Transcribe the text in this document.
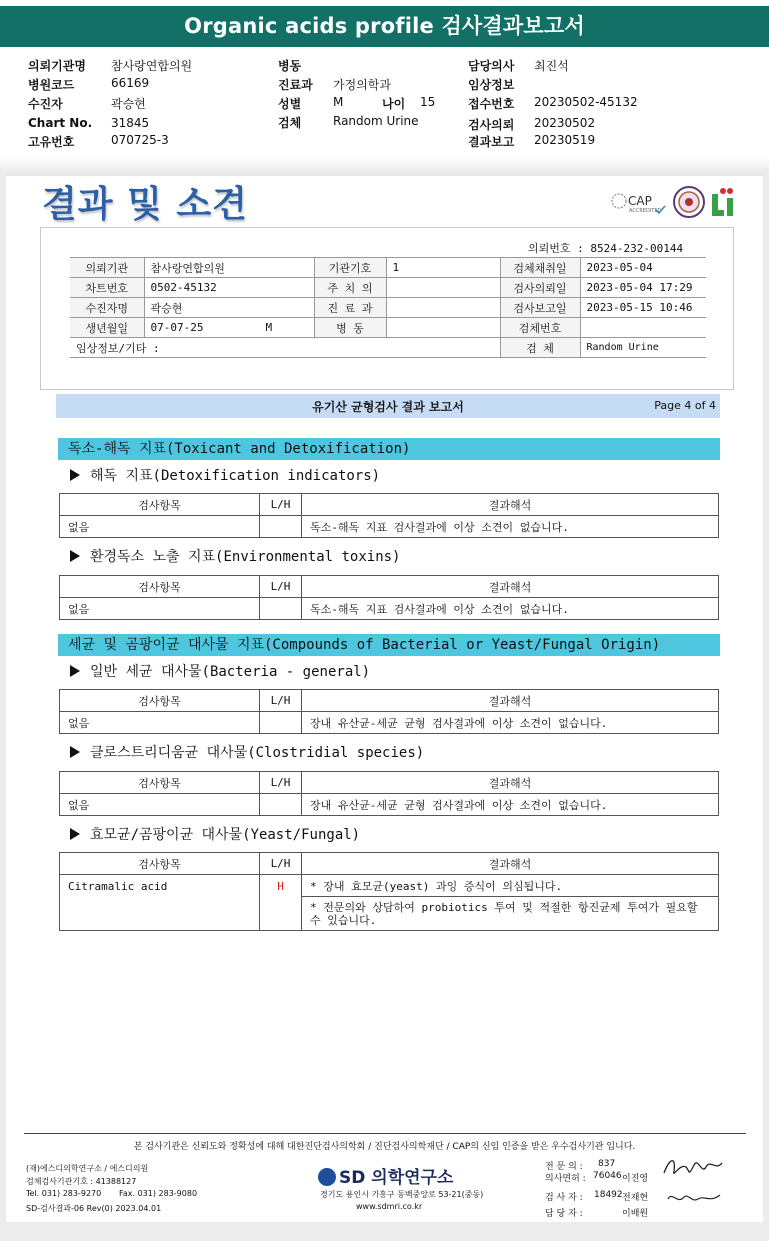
Organic acids profile 검사결과보고서
의뢰기관명 참사랑연합의원
병원코드	66169
수진자	곽승현
Chart No. 31845
고유번호	070725-3
병동
진료과 가정의학과
성별	M	나이 15
검체	Random Urine
담당의사 최진석
임상정보
접수번호 20230502-45132
검사의뢰 20230502
결과보고 20230519
결과 및 소견	CAP
ACCREDITED
의뢰번호 : 8524-232-00144
의뢰기관	참사랑연합의원	기관기호	1	검체채취일	2023-05-04
차트번호	0502-45132	주 치 의		검사의뢰일	2023-05-04 17:29
수진자명	곽승현	진 료 과		검사보고일	2023-05-15 10:46
생년월일	07-07-25 M	병 동		검체번호	
임상정보/기타 :				검 체	Random Urine
유기산 균형검사 결과 보고서	Page 4 of 4
독소-해독 지표(Toxicant and Detoxification)
해독 지표(Detoxification indicators)
검사항목	L/H	결과해석
없음		독소-해독 지표 검사결과에 이상 소견이 없습니다.
환경독소 노출 지표(Environmental toxins)
검사항목	L/H	결과해석
없음		독소-해독 지표 검사결과에 이상 소견이 없습니다.
세균 및 곰팡이균 대사물 지표(Compounds of Bacterial or Yeast/Fungal Origin)
일반 세균 대사물(Bacteria - general)
검사항목	L/H	결과해석
없음		장내 유산균-세균 균형 검사결과에 이상 소견이 없습니다.
클로스트리디움균 대사물(Clostridial species)
검사항목	L/H	결과해석
없음		장내 유산균-세균 균형 검사결과에 이상 소견이 없습니다.
효모균/곰팡이균 대사물(Yeast/Fungal)
검사항목	L/H	결과해석
Citramalic acid	H	* 장내 효모균(yeast) 과잉 증식이 의심됩니다.
		* 전문의와 상담하여 probiotics 투여 및 적절한 항진균제 투여가 필요할 수 있습니다.
본 검사기관은 신뢰도와 정확성에 대해 대한진단검사의학회 / 진단검사의학재단 / CAP의 신임 인증을 받은 우수검사기관 입니다.
(재)에스디의학연구소 / 에스디의원
검체검사기관기호 : 41388127
Tel. 031) 283-9270 Fax. 031) 283-9080
SD-검사결과-06 Rev(0) 2023.04.01
SD 의학연구소
경기도 용인시 기흥구 동백중앙로 53-21(중동)
www.sdmri.co.kr
전 문 의 : 837
의사면허 : 76046 이진영
검 사 자 : 18492 전재현
담 당 자 :	이배원
